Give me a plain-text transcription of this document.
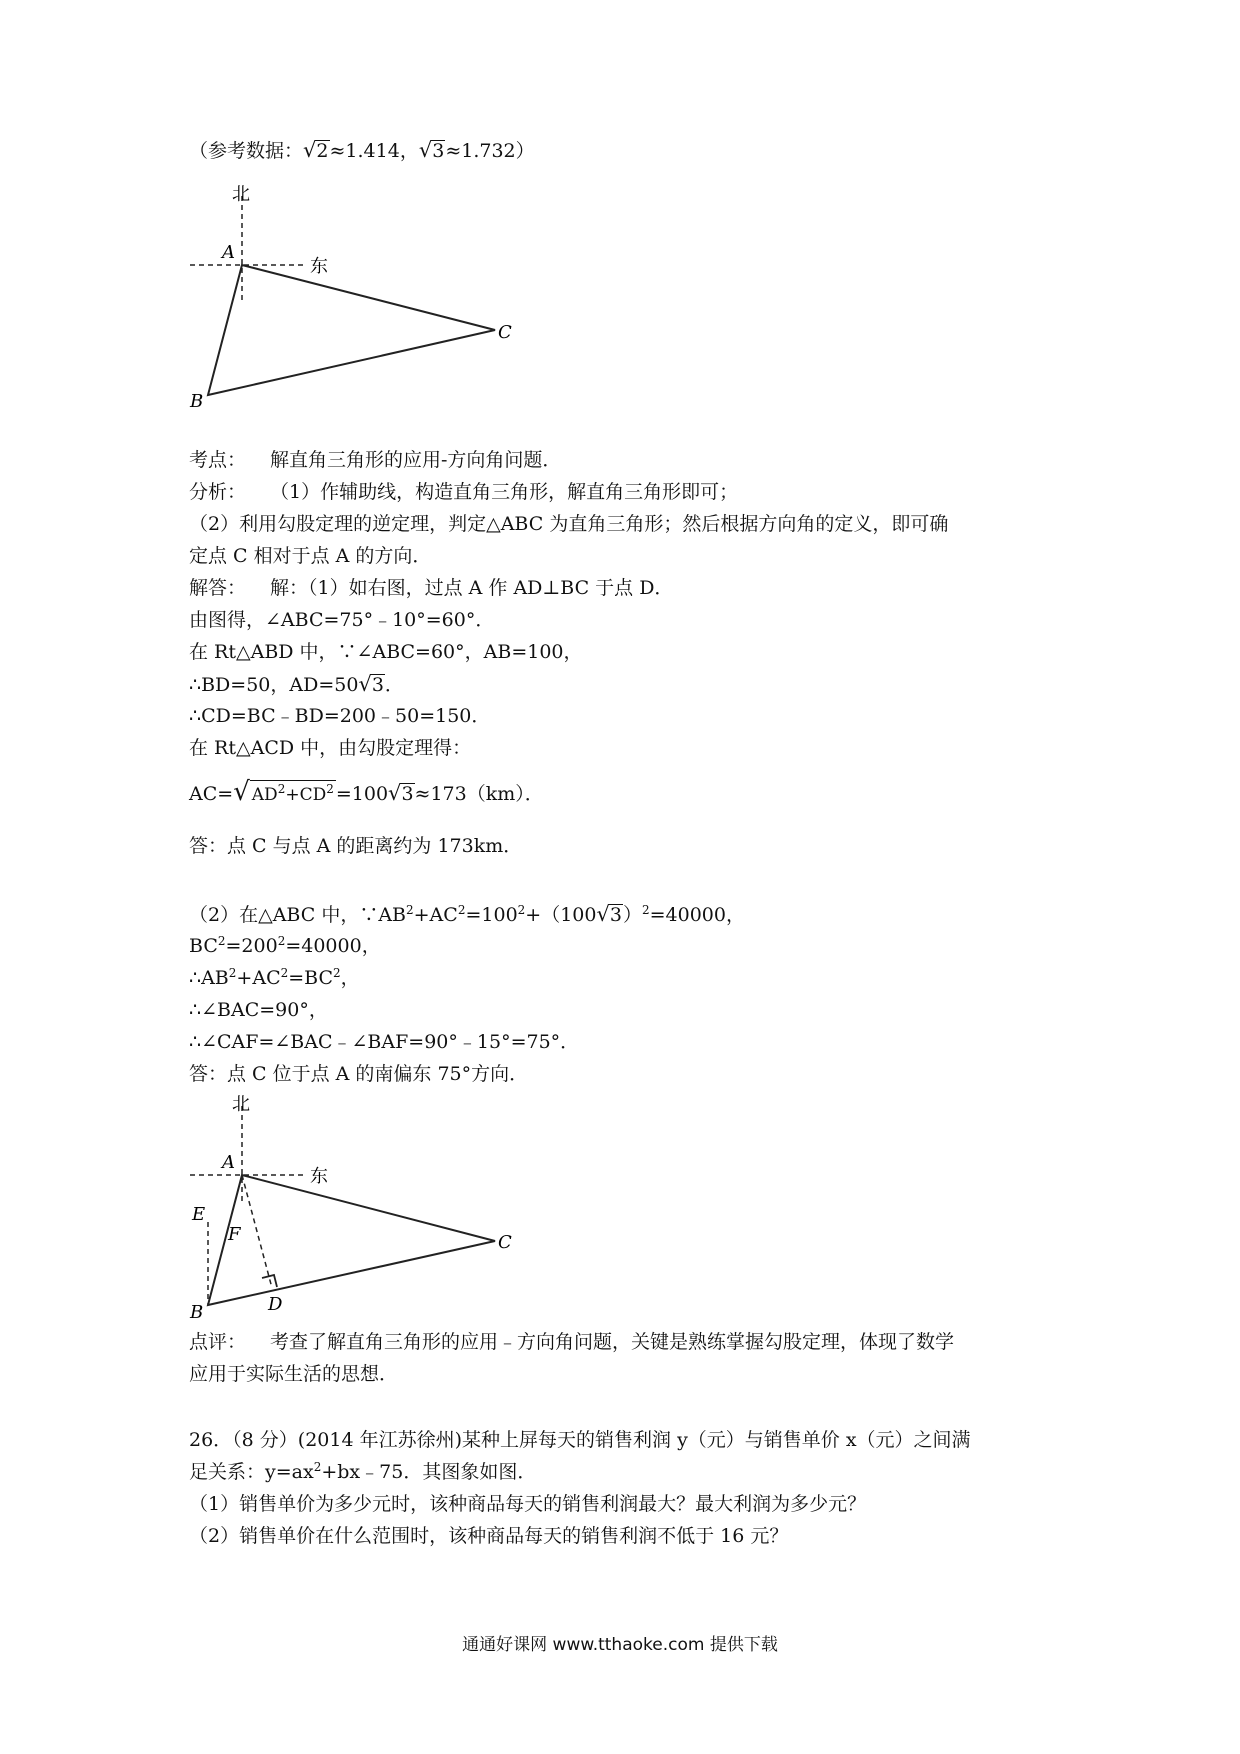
（参考数据：√2≈1.414，√3≈1.732）
北
东
A
C
B
考点： 解直角三角形的应用-方向角问题．
分析： （1）作辅助线，构造直角三角形，解直角三角形即可；
（2）利用勾股定理的逆定理，判定△ABC 为直角三角形；然后根据方向角的定义，即可确
定点 C 相对于点 A 的方向．
解答： 解：（1）如右图，过点 A 作 AD⊥BC 于点 D．
由图得，∠ABC=75°﹣10°=60°．
在 Rt△ABD 中，∵∠ABC=60°，AB=100，
∴BD=50，AD=50√3．
∴CD=BC﹣BD=200﹣50=150．
在 Rt△ACD 中，由勾股定理得：
AC=√ $AD^2+CD^2 =100√3\approx 173(km)$．
答：点 C 与点 A 的距离约为 173km．
（2）在△ABC 中，$\because AB^2+AC^2=100^2+(100√3)^2=40000$，
$BC^2=200^2=40000$，
$\therefore AB^2+AC^2=BC^2$，
∴∠BAC=90°，
∴∠CAF=∠BAC﹣∠BAF=90°﹣15°=75°．
答：点 C 位于点 A 的南偏东 75°方向．
北
东
A
C
B	D
E
F
点评： 考查了解直角三角形的应用﹣方向角问题，关键是熟练掌握勾股定理，体现了数学
应用于实际生活的思想．
26．（8 分）(2014 年江苏徐州)某种上屏每天的销售利润 y（元）与销售单价 x（元）之间满
足关系：$y=ax^2+bx﹣75$．其图象如图．
（1）销售单价为多少元时，该种商品每天的销售利润最大？最大利润为多少元？
（2）销售单价在什么范围时，该种商品每天的销售利润不低于 16 元？
通通好课网 www.tthaoke.com 提供下载
